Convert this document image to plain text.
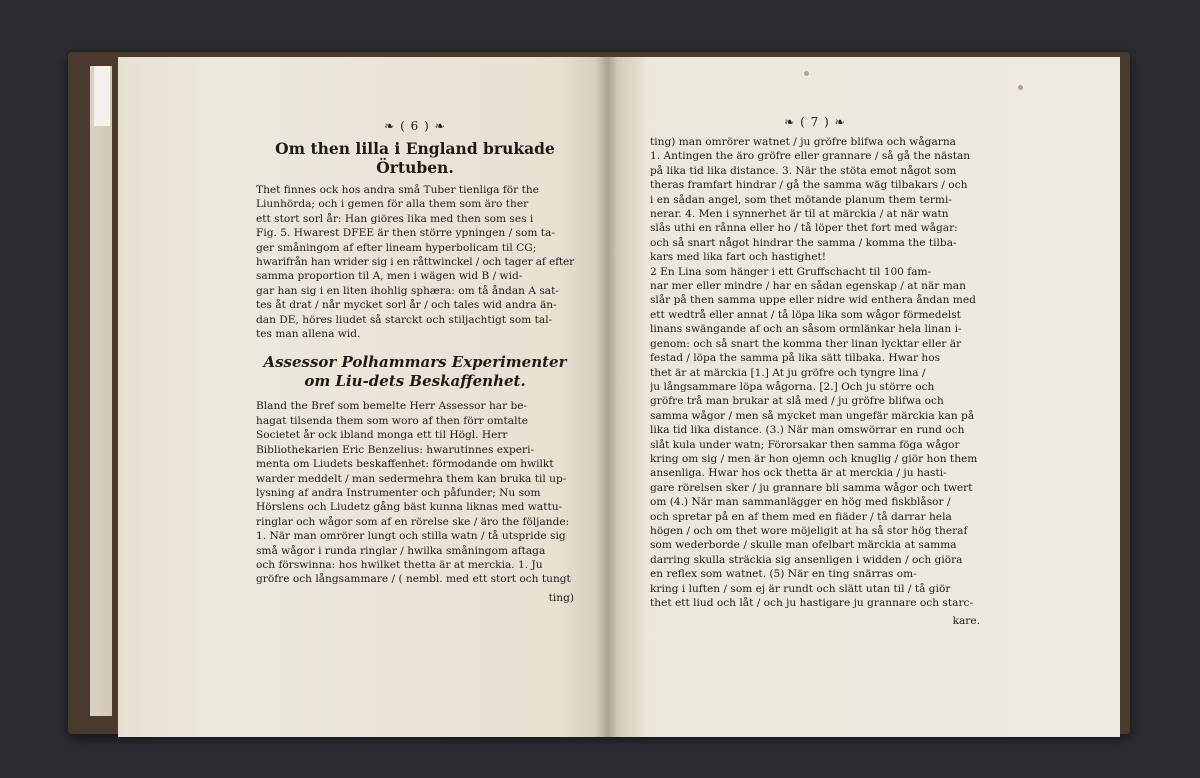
❧ ( 6 ) ❧
Om then lilla i England brukade Örtuben.
Thet finnes ock hos andra små Tuber tienliga för the
Liunhörda; och i gemen för alla them som äro ther
ett stort sorl år: Han giöres lika med then som ses i
Fig. 5. Hwarest DFEE är then större ypningen / som ta-
ger småningom af efter lineam hyperbolicam til CG;
hwarifrån han wrider sig i en råttwinckel / och tager af efter
samma proportion til A, men i wägen wid B / wid-
gar han sig i en liten ihohlig sphæra: om tå åndan A sat-
tes åt drat / når mycket sorl år / och tales wid andra än-
dan DE, höres liudet så starckt och stiljachtigt som tal-
tes man allena wid.
Assessor Polhammars Experimenter om Liu-dets Beskaffenhet.
Bland the Bref som bemelte Herr Assessor har be-
hagat tilsenda them som woro af then förr omtalte
Societet år ock ibland monga ett til Högl. Herr
Bibliothekarien Eric Benzelius: hwarutinnes experi-
menta om Liudets beskaffenhet: förmodande om hwilkt
warder meddelt / man sedermehra them kan bruka til up-
lysning af andra Instrumenter och påfunder; Nu som
Hörslens och Liudetz gång bäst kunna liknas med wattu-
ringlar och wågor som af en rörelse ske / äro the följande:
1. När man omrörer lungt och stilla watn / tå utspride sig
små wågor i runda ringlar / hwilka småningom aftaga
och förswinna: hos hwilket thetta är at merckia. 1. Ju
gröfre och långsammare / ( nembl. med ett stort och tungt
ting)
❧ ( 7 ) ❧
ting) man omrörer watnet / ju gröfre blifwa och wågarna
1. Antingen the äro gröfre eller grannare / så gå the nästan
på lika tid lika distance. 3. När the stöta emot något som
theras framfart hindrar / gå the samma wäg tilbakars / och
i en sådan angel, som thet mötande planum them termi-
nerar. 4. Men i synnerhet är til at märckia / at när watn
slås uthi en rånna eller ho / tå löper thet fort med wågar:
och så snart något hindrar the samma / komma the tilba-
kars med lika fart och hastighet!
2 En Lina som hänger i ett Gruffschacht til 100 fam-
nar mer eller mindre / har en sådan egenskap / at när man
slår på then samma uppe eller nidre wid enthera åndan med
ett wedtrå eller annat / tå löpa lika som wågor förmedelst
linans swängande af och an såsom ormlänkar hela linan i-
genom: och så snart the komma ther linan lycktar eller är
festad / löpa the samma på lika sätt tilbaka. Hwar hos
thet är at märckia [1.] At ju gröfre och tyngre lina /
ju långsammare löpa wågorna. [2.] Och ju större och
gröfre trå man brukar at slå med / ju gröfre blifwa och
samma wågor / men så mycket man ungefär märckia kan på
lika tid lika distance. (3.) När man omswörrar en rund och
slåt kula under watn; Förorsakar then samma föga wågor
kring om sig / men är hon ojemn och knuglig / giör hon them
ansenliga. Hwar hos ock thetta är at merckia / ju hasti-
gare rörelsen sker / ju grannare bli samma wågor och twert
om (4.) När man sammanlägger en hög med fiskblåsor /
och spretar på en af them med en fiäder / tå darrar hela
högen / och om thet wore möjeligit at ha så stor hög theraf
som wederborde / skulle man ofelbart märckia at samma
darring skulla sträckia sig ansenligen i widden / och giöra
en reflex som watnet. (5) När en ting snärras om-
kring i luften / som ej är rundt och slätt utan til / tå giör
thet ett liud och låt / och ju hastigare ju grannare och starc-
kare.
